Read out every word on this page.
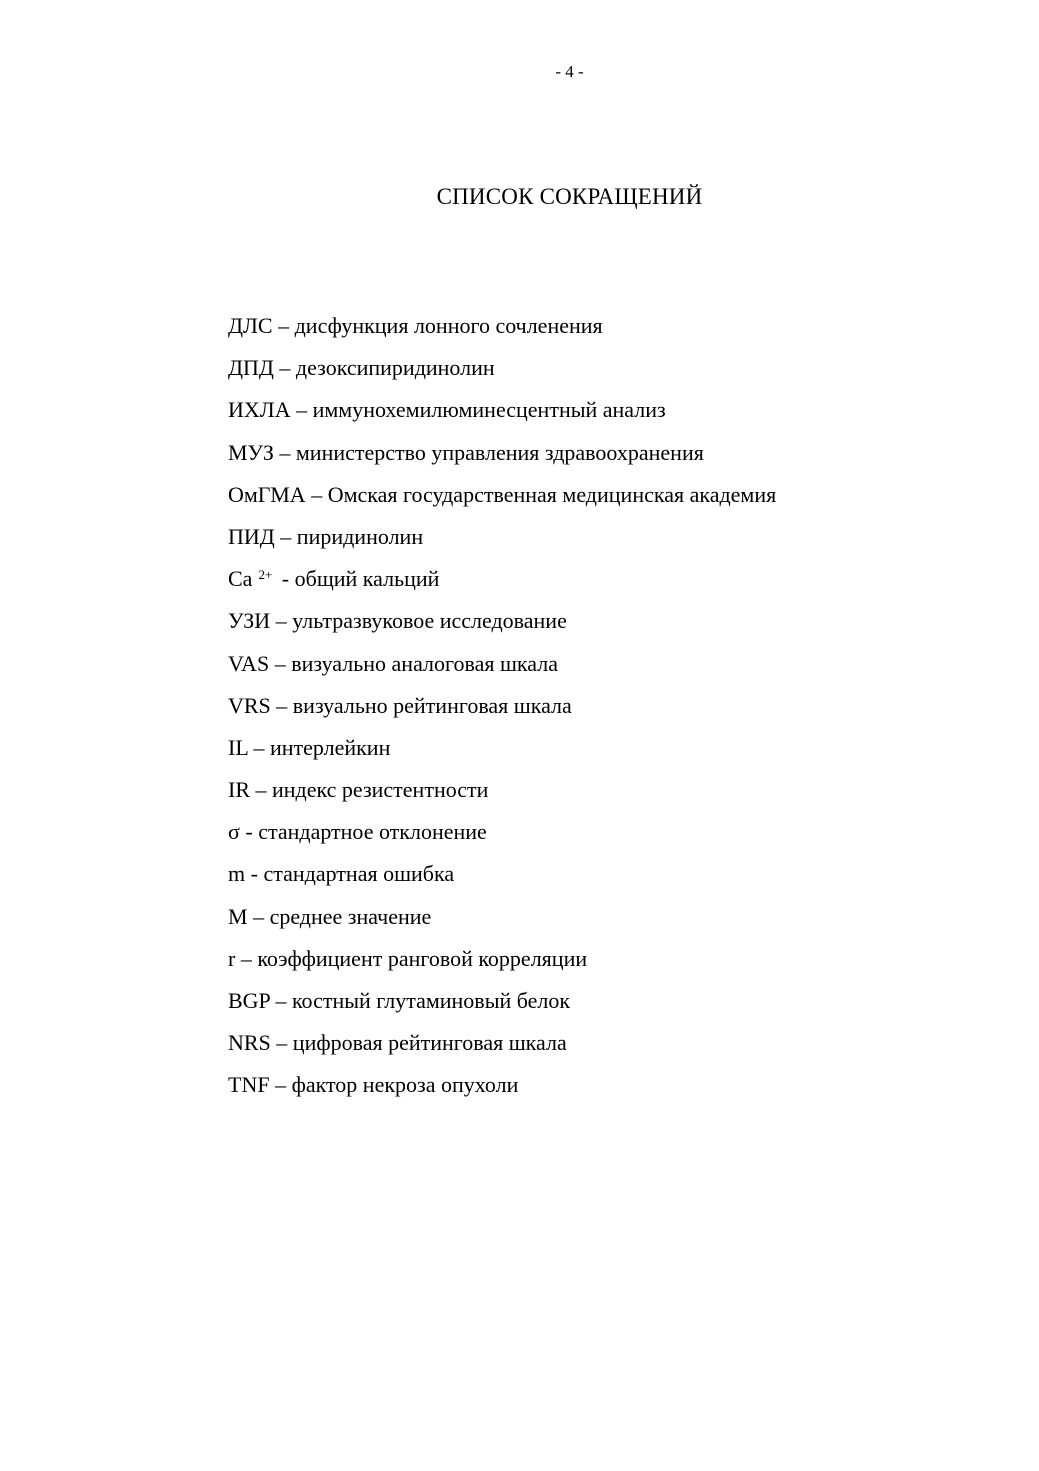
- 4 -
СПИСОК СОКРАЩЕНИЙ
ДЛС – дисфункция лонного сочленения
ДПД – дезоксипиридинолин
ИХЛА – иммунохемилюминесцентный анализ
МУЗ – министерство управления здравоохранения
ОмГМА – Омская государственная медицинская академия
ПИД – пиридинолин
Ca $^{2+}$ - общий кальций
УЗИ – ультразвуковое исследование
VAS – визуально аналоговая шкала
VRS – визуально рейтинговая шкала
IL – интерлейкин
IR – индекс резистентности
σ - стандартное отклонение
m - стандартная ошибка
M – среднее значение
r – коэффициент ранговой корреляции
BGP – костный глутаминовый белок
NRS – цифровая рейтинговая шкала
TNF – фактор некроза опухоли
